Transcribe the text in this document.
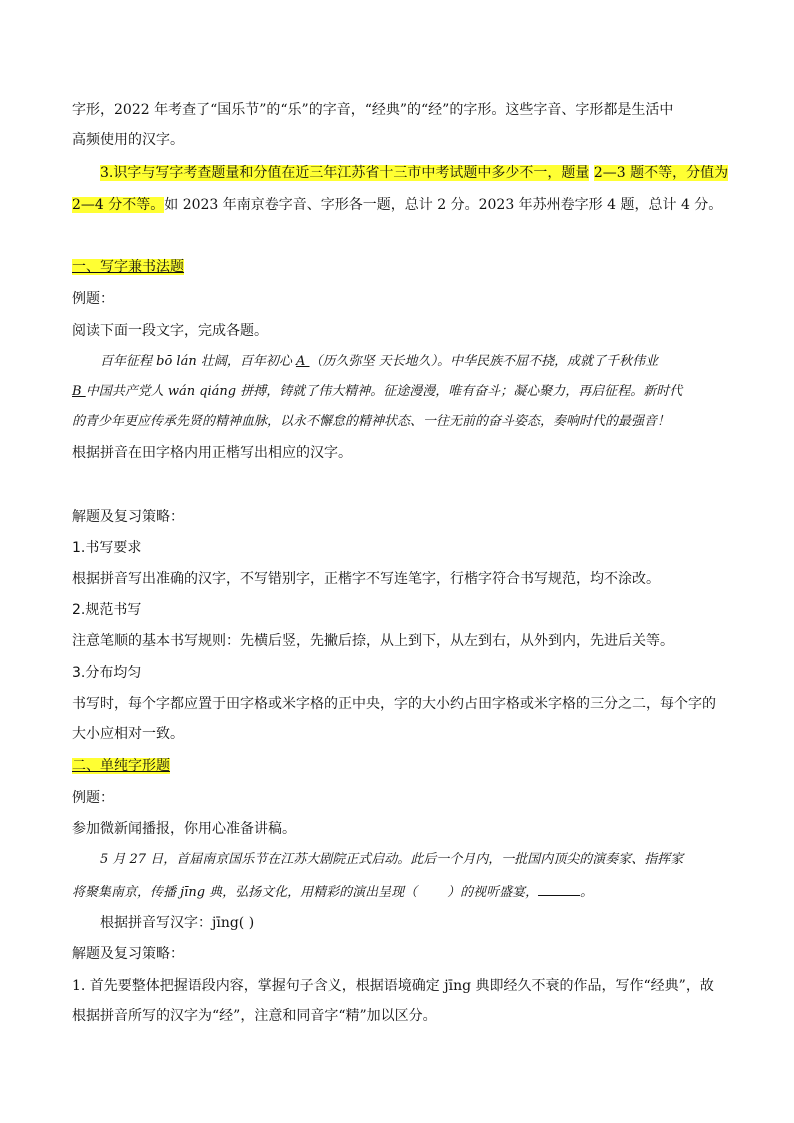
字形，2022 年考查了“国乐节”的“乐”的字音，“经典”的“经”的字形。这些字音、字形都是生活中
高频使用的汉字。
3.识字与写字考查题量和分值在近三年江苏省十三市中考试题中多少不一，题量 2—3 题不等，分值为
2—4 分不等。如 2023 年南京卷字音、字形各一题，总计 2 分。2023 年苏州卷字形 4 题，总计 4 分。
一、写字兼书法题
例题：
阅读下面一段文字，完成各题。
百年征程 bō lán 壮阔，百年初心 A （历久弥坚 天长地久）。中华民族不屈不挠，成就了千秋伟业
B 中国共产党人 wán qiáng 拼搏，铸就了伟大精神。征途漫漫，唯有奋斗；凝心聚力，再启征程。新时代
的青少年更应传承先贤的精神血脉，以永不懈怠的精神状态、一往无前的奋斗姿态，奏响时代的最强音！
根据拼音在田字格内用正楷写出相应的汉字。
解题及复习策略：
1.书写要求
根据拼音写出准确的汉字，不写错别字，正楷字不写连笔字，行楷字符合书写规范，均不涂改。
2.规范书写
注意笔顺的基本书写规则：先横后竖，先撇后捺，从上到下，从左到右，从外到内，先进后关等。
3.分布均匀
书写时，每个字都应置于田字格或米字格的正中央，字的大小约占田字格或米字格的三分之二，每个字的
大小应相对一致。
二、单纯字形题
例题：
参加微新闻播报，你用心准备讲稿。
5 月 27 日，首届南京国乐节在江苏大剧院正式启动。此后一个月内，一批国内顶尖的演奏家、指挥家
将聚集南京，传播 jīng 典，弘扬文化，用精彩的演出呈现（ ）的视听盛宴，	。
根据拼音写汉字：jīng( )
解题及复习策略：
1. 首先要整体把握语段内容，掌握句子含义，根据语境确定 jīng 典即经久不衰的作品，写作“经典”，故
根据拼音所写的汉字为“经”，注意和同音字“精”加以区分。
